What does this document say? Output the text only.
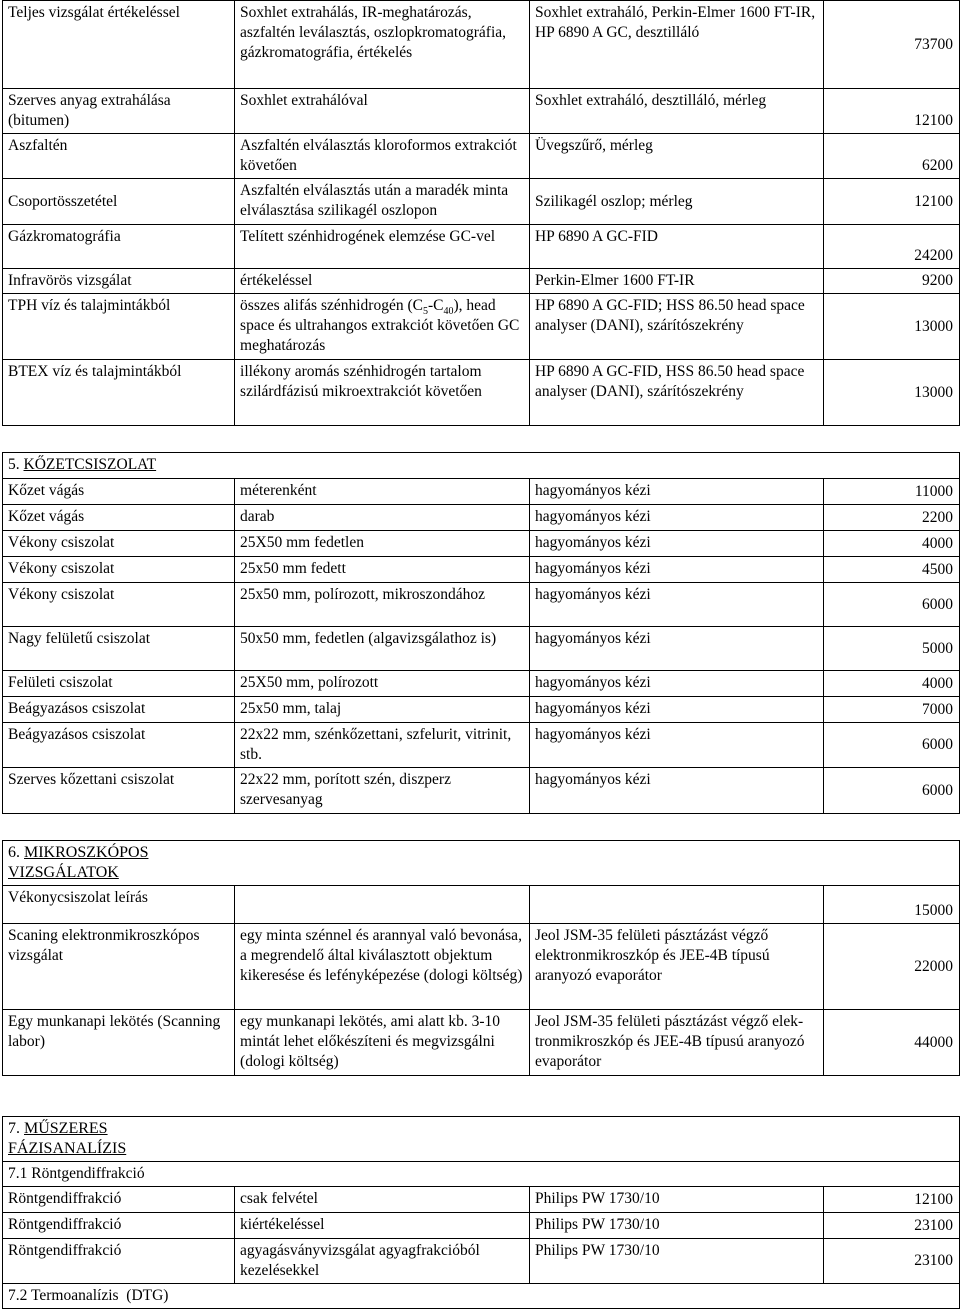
Teljes vizsgálat értékeléssel	Soxhlet extrahálás, IR-meghatározás, aszfaltén leválasztás, oszlopkromatográfia, gázkromatográfia, értékelés	Soxhlet extraháló, Perkin-Elmer 1600 FT-IR, HP 6890 A GC, desztilláló	73700
Szerves anyag extrahálása (bitumen)	Soxhlet extrahálóval	Soxhlet extraháló, desztilláló, mérleg	12100
Aszfaltén	Aszfaltén elválasztás kloroformos extrakciót követően	Üvegszűrő, mérleg	6200
Csoportösszetétel	Aszfaltén elválasztás után a maradék minta elválasztása szilikagél oszlopon	Szilikagél oszlop; mérleg	12100
Gázkromatográfia	Telített szénhidrogének elemzése GC-vel	HP 6890 A GC-FID	24200
Infravörös vizsgálat	értékeléssel	Perkin-Elmer 1600 FT-IR	9200
TPH víz és talajmintákból	összes alifás szénhidrogén $(C_5-C_{40})$, head space és ultrahangos extrakciót követően GC meghatározás	HP 6890 A GC-FID; HSS 86.50 head space analyser (DANI), szárítószekrény	13000
BTEX víz és talajmintákból	illékony aromás szénhidrogén tartalom szilárdfázisú mikroextrakciót követően	HP 6890 A GC-FID, HSS 86.50 head space analyser (DANI), szárítószekrény	13000
5. KŐZETCSISZOLAT			
Kőzet vágás	méterenként	hagyományos kézi	11000
Kőzet vágás	darab	hagyományos kézi	2200
Vékony csiszolat	25X50 mm fedetlen	hagyományos kézi	4000
Vékony csiszolat	25x50 mm fedett	hagyományos kézi	4500
Vékony csiszolat	25x50 mm, polírozott, mikroszondához	hagyományos kézi	6000
Nagy felületű csiszolat	50x50 mm, fedetlen (algavizsgálathoz is)	hagyományos kézi	5000
Felületi csiszolat	25X50 mm, polírozott	hagyományos kézi	4000
Beágyazásos csiszolat	25x50 mm, talaj	hagyományos kézi	7000
Beágyazásos csiszolat	22x22 mm, szénkőzettani, szfelurit, vitrinit, stb.	hagyományos kézi	6000
Szerves kőzettani csiszolat	22x22 mm, porított szén, diszperz szervesanyag	hagyományos kézi	6000
6. MIKROSZKÓPOS VIZSGÁLATOK			

Vékonycsiszolat leírás			15000
Scaning elektronmikroszkópos vizsgálat	egy minta szénnel és arannyal való bevonása, a megrendelő által kiválasztott objektum kikeresése és lefényképezése (dologi költség)	Jeol JSM-35 felületi pásztázást végző elektronmikroszkóp és JEE-4B típusú aranyozó evaporátor	22000
Egy munkanapi lekötés (Scanning labor)	egy munkanapi lekötés, ami alatt kb. 3-10 mintát lehet előkészíteni és megvizsgálni (dologi költség)	Jeol JSM-35 felületi pásztázást végző elek-tronmikroszkóp és JEE-4B típusú aranyozó evaporátor	44000
7. MŰSZERES FÁZISANALÍZIS			

7.1 Röntgendiffrakció			
Röntgendiffrakció	csak felvétel	Philips PW 1730/10	12100
Röntgendiffrakció	kiértékeléssel	Philips PW 1730/10	23100
Röntgendiffrakció	agyagásványvizsgálat agyagfrakcióból kezelésekkel	Philips PW 1730/10	23100
7.2 Termoanalízis  (DTG)			
